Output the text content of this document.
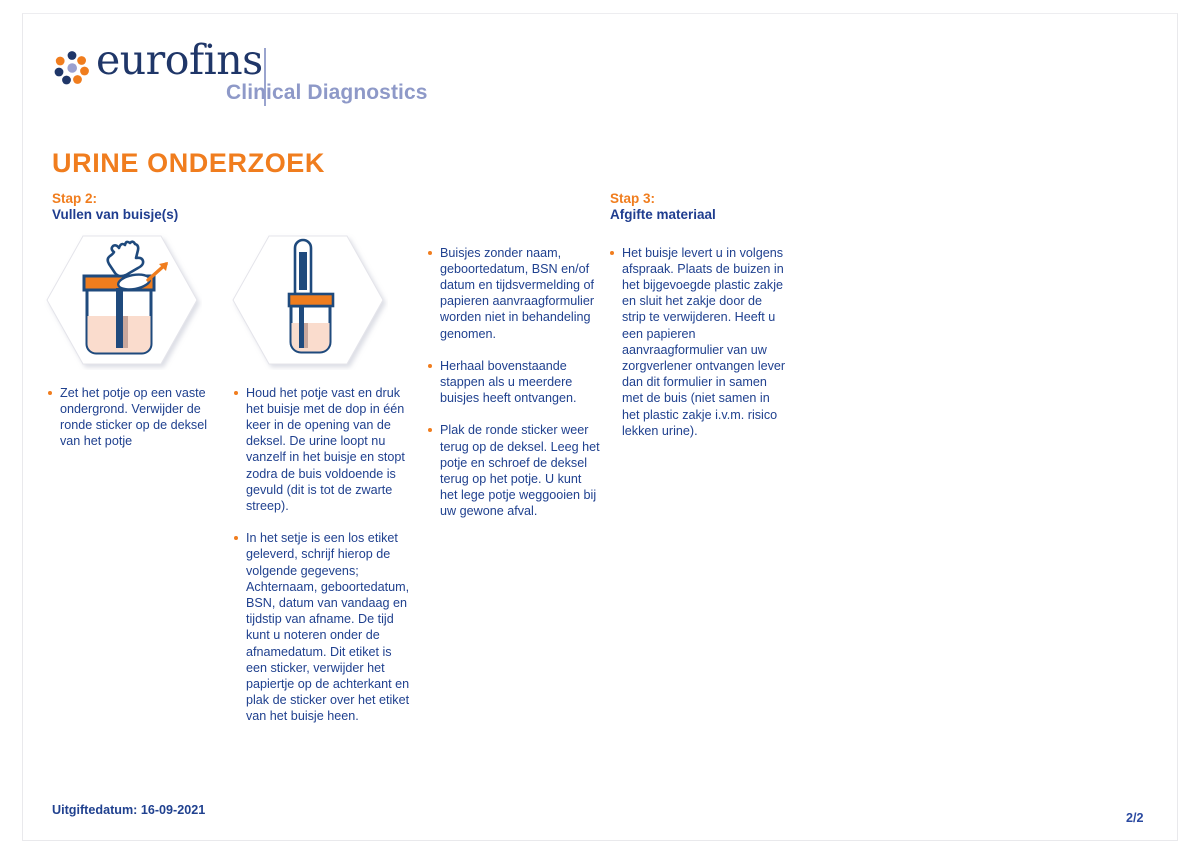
eurofins
Clinical Diagnostics
URINE ONDERZOEK
Stap 2:
Vullen van buisje(s)
Stap 3:
Afgifte materiaal

Zet het potje op een vaste ondergrond. Verwijder de ronde sticker op de deksel van het potje

Houd het potje vast en druk het buisje met de dop in één keer in de opening van de deksel. De urine loopt nu vanzelf in het buisje en stopt zodra de buis voldoende is gevuld (dit is tot de zwarte streep).

In het setje is een los etiket geleverd, schrijf hierop de volgende gegevens; Achternaam, geboortedatum, BSN, datum van vandaag en tijdstip van afname. De tijd kunt u noteren onder de afnamedatum. Dit etiket is een sticker, verwijder het papiertje op de achterkant en plak de sticker over het etiket van het buisje heen.

Buisjes zonder naam, geboortedatum, BSN en/of datum en tijdsvermelding of papieren aanvraagformulier worden niet in behandeling genomen.

Herhaal bovenstaande stappen als u meerdere buisjes heeft ontvangen.

Plak de ronde sticker weer terug op de deksel. Leeg het potje en schroef de deksel terug op het potje. U kunt het lege potje weggooien bij uw gewone afval.

Het buisje levert u in volgens afspraak. Plaats de buizen in het bijgevoegde plastic zakje en sluit het zakje door de strip te verwijderen. Heeft u een papieren aanvraagformulier van uw zorgverlener ontvangen lever dan dit formulier in samen met de buis (niet samen in het plastic zakje i.v.m. risico lekken urine).

Uitgiftedatum: 16-09-2021
2/2
